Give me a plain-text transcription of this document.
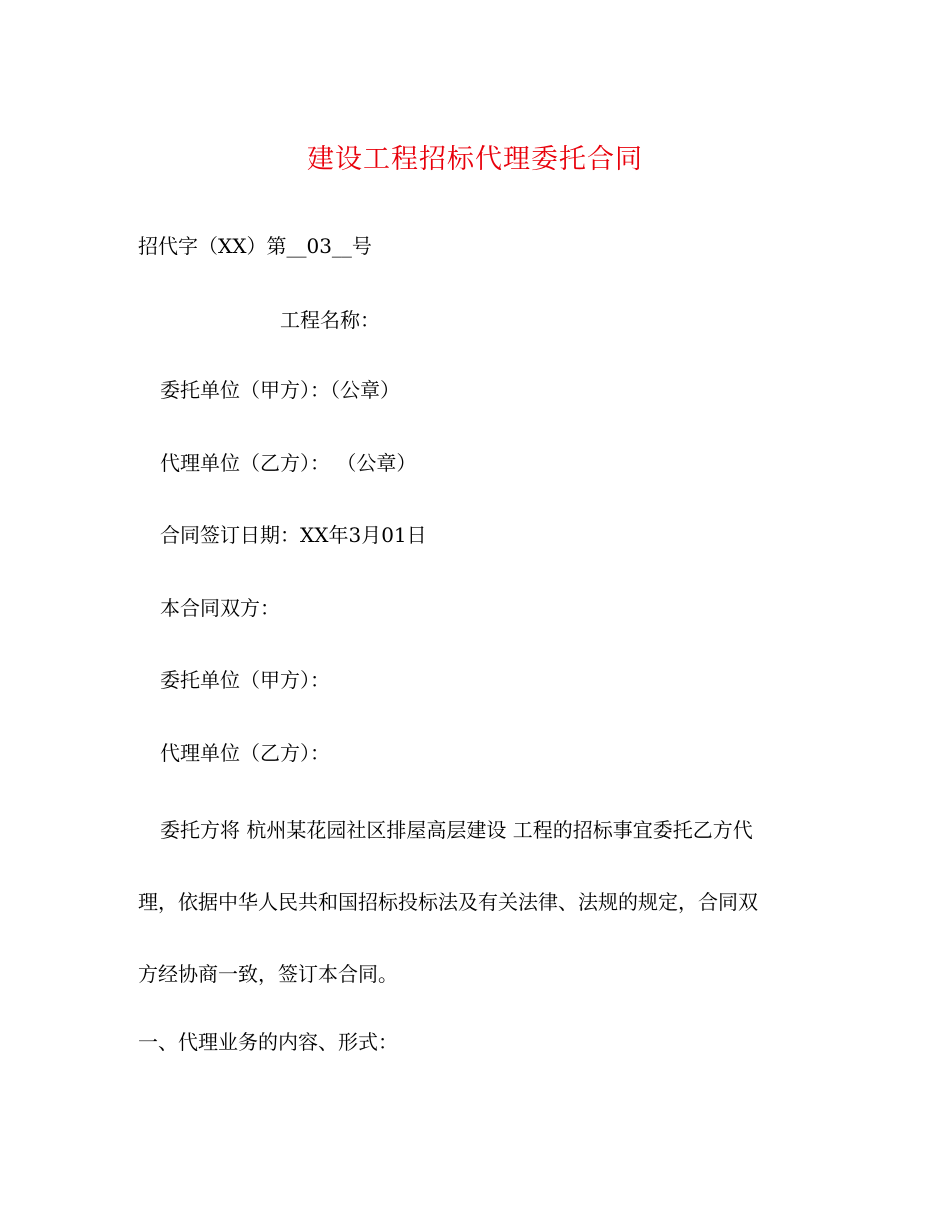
建设工程招标代理委托合同
招代字（XX）第__03__号
工程名称：
委托单位（甲方）：（公章）
代理单位（乙方）： （公章）
合同签订日期：XX年3月01日
本合同双方：
委托单位（甲方）：
代理单位（乙方）：
委托方将 杭州某花园社区排屋高层建设 工程的招标事宜委托乙方代
理，依据中华人民共和国招标投标法及有关法律、法规的规定，合同双
方经协商一致，签订本合同。
一、代理业务的内容、形式：
